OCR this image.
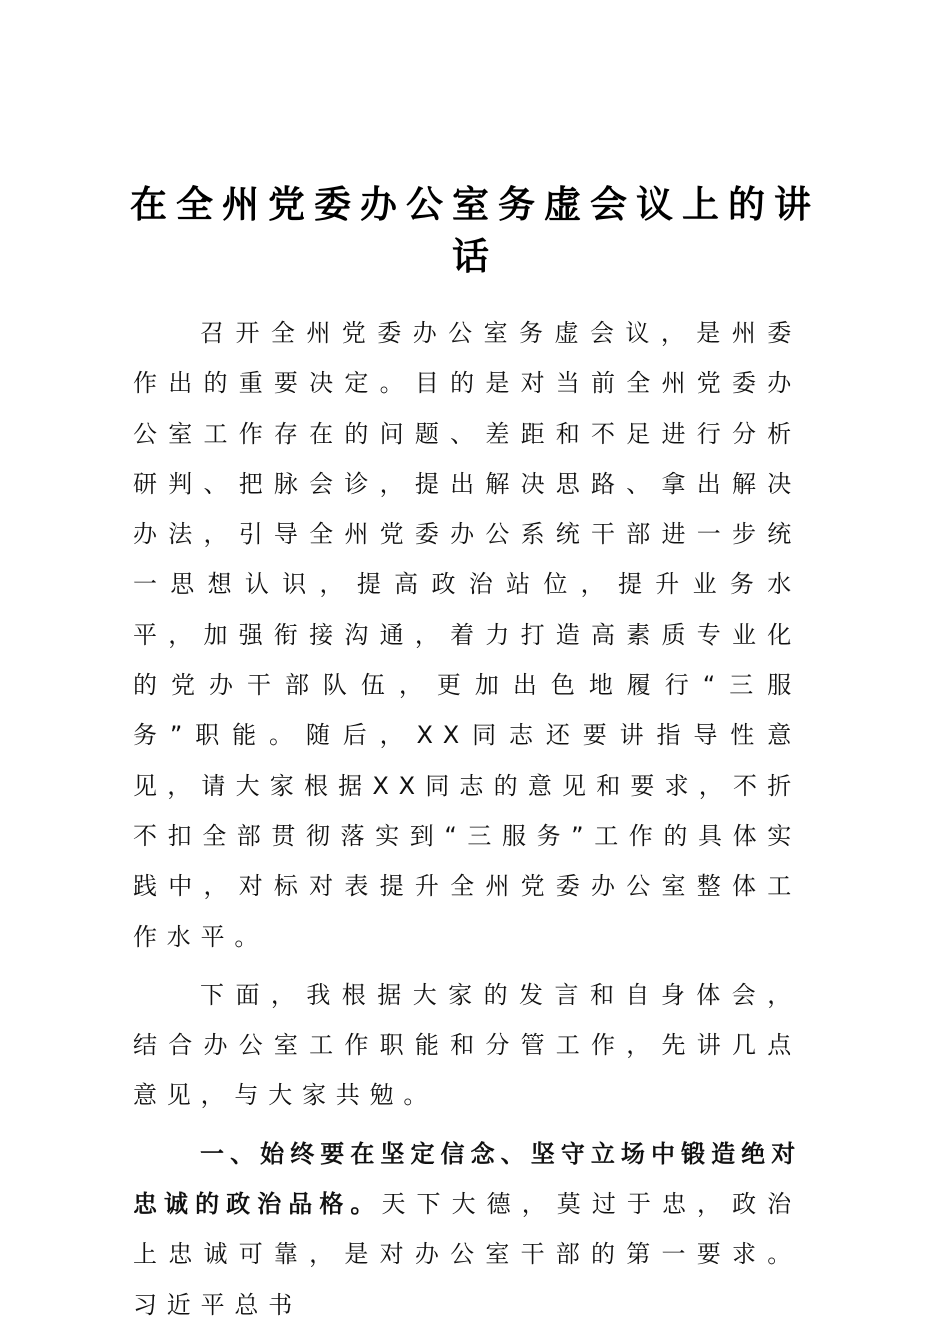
在全州党委办公室务虚会议上的讲话

召开全州党委办公室务虚会议，是州委作出的重要决定。目的是对当前全州党委办公室工作存在的问题、差距和不足进行分析研判、把脉会诊，提出解决思路、拿出解决办法，引导全州党委办公系统干部进一步统一思想认识，提高政治站位，提升业务水平，加强衔接沟通，着力打造高素质专业化的党办干部队伍，更加出色地履行“三服务”职能。随后，XX同志还要讲指导性意见，请大家根据XX同志的意见和要求，不折不扣全部贯彻落实到“三服务”工作的具体实践中，对标对表提升全州党委办公室整体工作水平。

下面，我根据大家的发言和自身体会，结合办公室工作职能和分管工作，先讲几点意见，与大家共勉。

一、始终要在坚定信念、坚守立场中锻造绝对忠诚的政治品格。天下大德，莫过于忠，政治上忠诚可靠，是对办公室干部的第一要求。习近平总书
